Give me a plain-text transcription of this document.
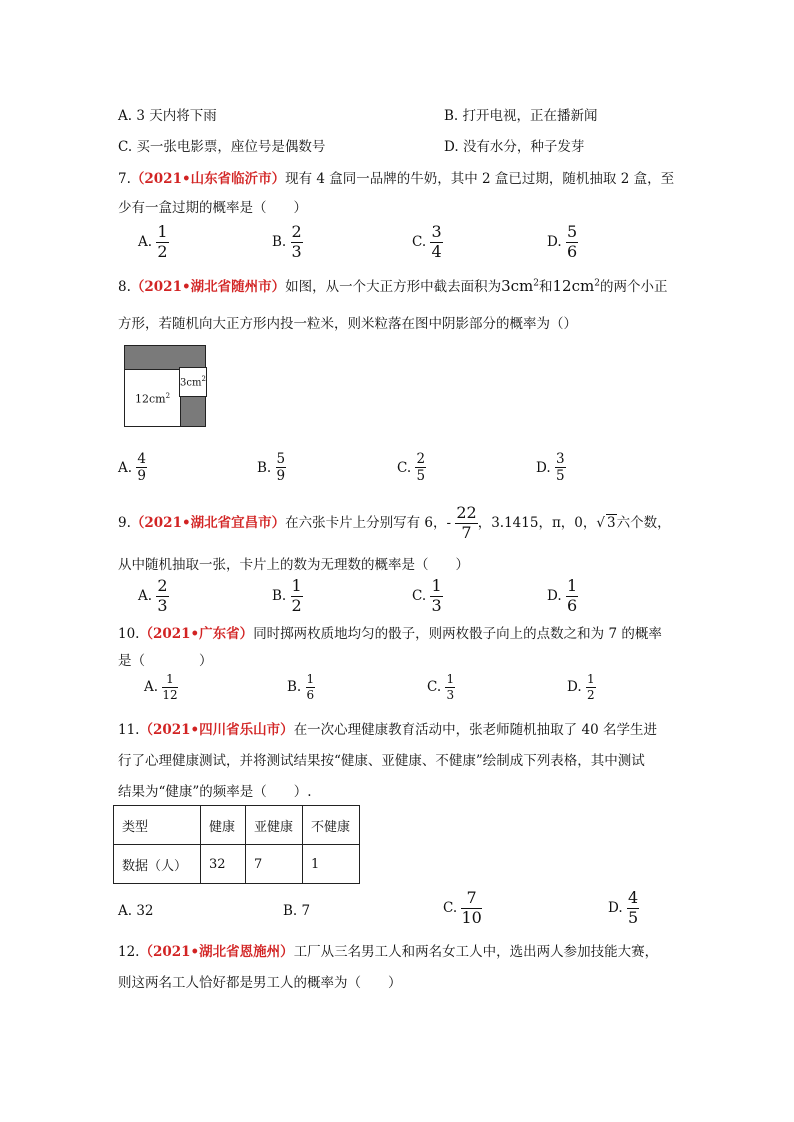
A. 3 天内将下雨	B. 打开电视，正在播新闻
C. 买一张电影票，座位号是偶数号	D. 没有水分，种子发芽
7.（2021•山东省临沂市）现有 4 盒同一品牌的牛奶，其中 2 盒已过期，随机抽取 2 盒，至
少有一盒过期的概率是（　　）
A. $\frac{1}{2}$	B. $\frac{2}{3}$	C. $\frac{3}{4}$	D. $\frac{5}{6}$
8.（2021•湖北省随州市）如图，从一个大正方形中截去面积为$3cm^2$和$12cm^2$的两个小正
方形，若随机向大正方形内投一粒米，则米粒落在图中阴影部分的概率为（）
$12cm^2$
$3cm^2$
A. $\frac{4}{9}$	B. $\frac{5}{9}$	C. $\frac{2}{5}$	D. $\frac{3}{5}$
9.（2021•湖北省宜昌市）在六张卡片上分别写有 6，- $\frac{22}{7}$ ，3.1415，π，0，√ 3六个数，
从中随机抽取一张，卡片上的数为无理数的概率是（　　）
A. $\frac{2}{3}$	B. $\frac{1}{2}$	C. $\frac{1}{3}$	D. $\frac{1}{6}$
10.（2021•广东省）同时掷两枚质地均匀的骰子，则两枚骰子向上的点数之和为 7 的概率
是（　　　　）
A. $\frac{1}{12}$	B. $\frac{1}{6}$	C. $\frac{1}{3}$	D. $\frac{1}{2}$
11.（2021•四川省乐山市）在一次心理健康教育活动中，张老师随机抽取了 40 名学生进
行了心理健康测试，并将测试结果按“健康、亚健康、不健康”绘制成下列表格，其中测试
结果为“健康”的频率是（　　）.
类型	健康	亚健康	不健康
数据（人）	32	7	1
A. 32	B. 7	C. $\frac{7}{10}$	D. $\frac{4}{5}$
12.（2021•湖北省恩施州）工厂从三名男工人和两名女工人中，选出两人参加技能大赛，
则这两名工人恰好都是男工人的概率为（　　）
